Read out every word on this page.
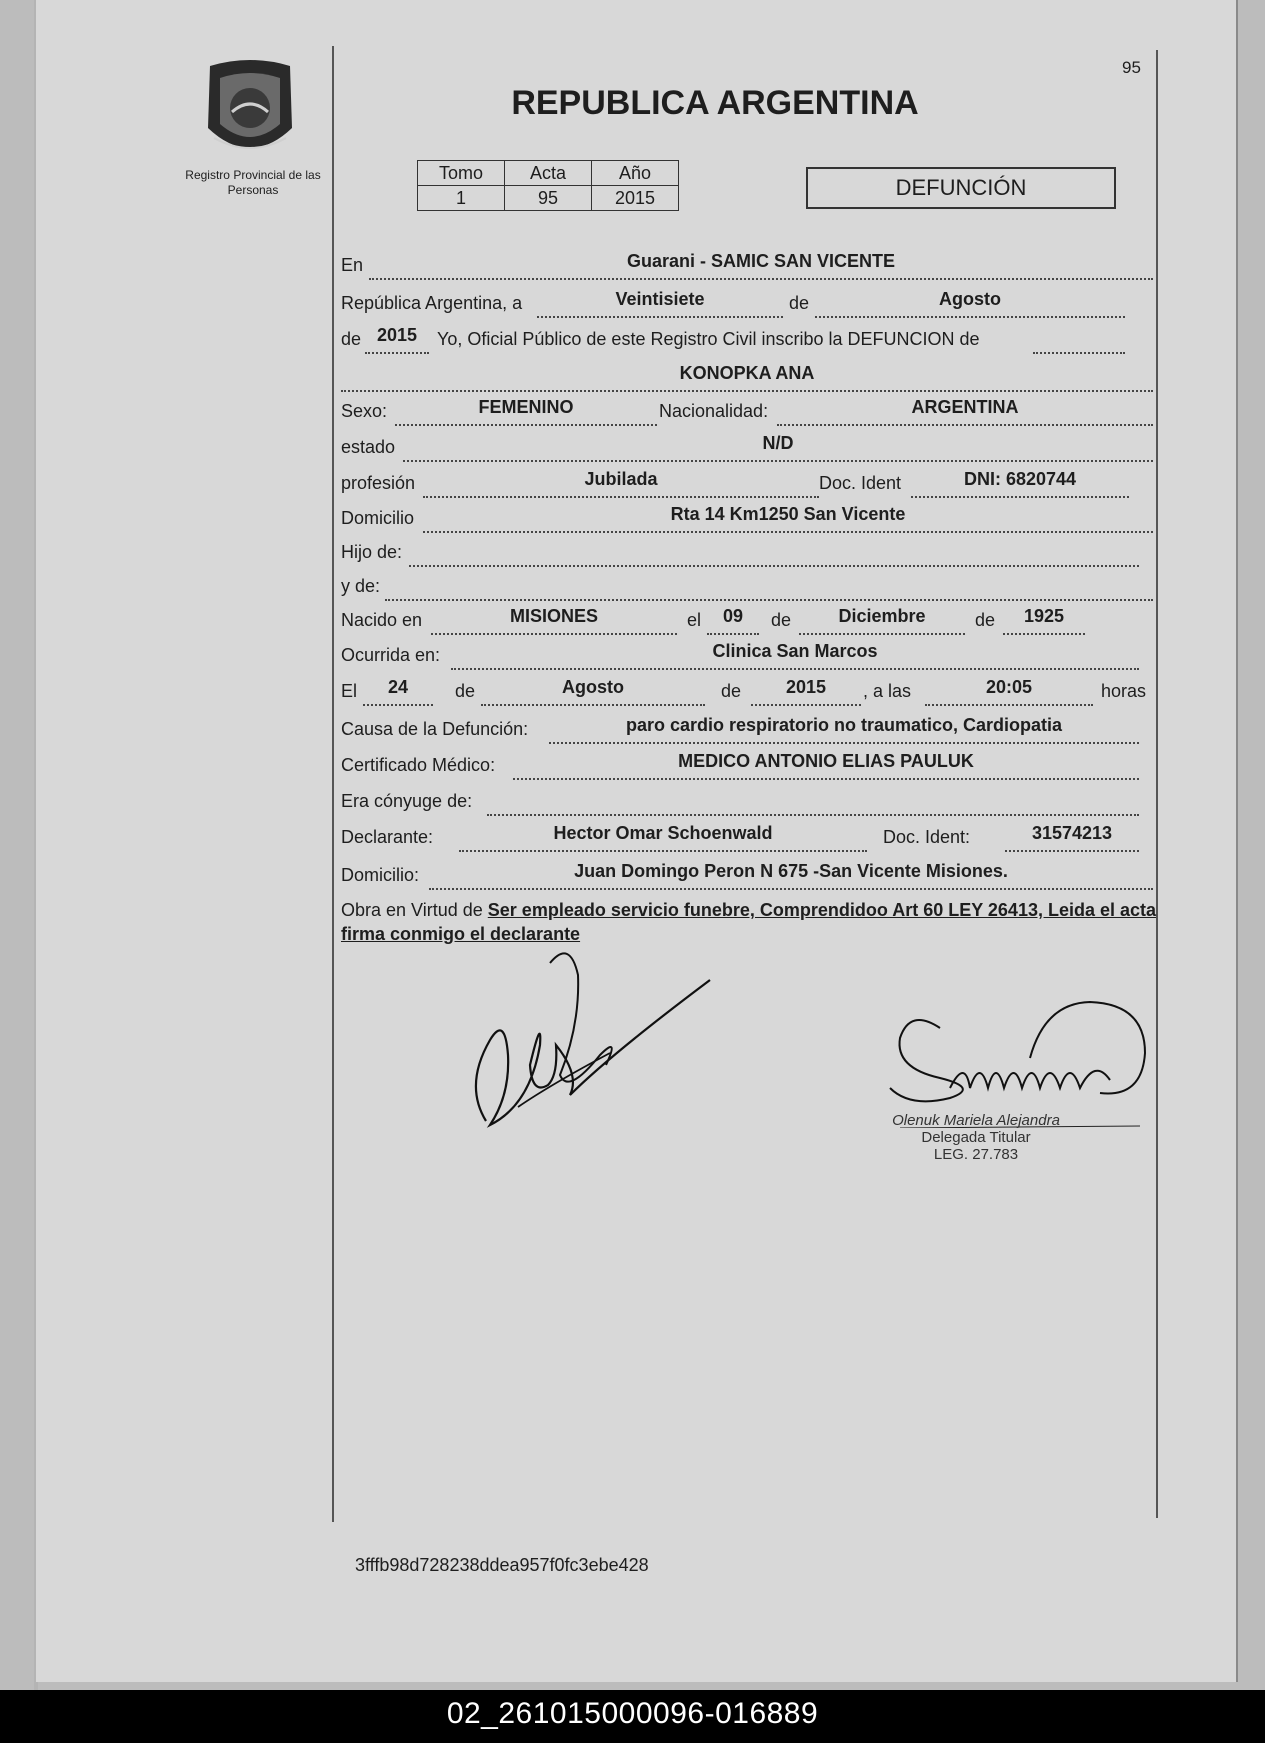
95
Registro Provincial de las Personas
REPUBLICA ARGENTINA
Tomo	Acta	Año
1	95	2015	DEFUNCIÓN
En	Guarani - SAMIC SAN VICENTE
República Argentina, a	Veintisiete	de	Agosto
de 2015	Yo, Oficial Público de este Registro Civil inscribo la DEFUNCION de
KONOPKA ANA
Sexo:	FEMENINO	Nacionalidad:	ARGENTINA
estado	N/D
profesión	Jubilada	Doc. Ident	DNI: 6820744
Domicilio	Rta 14 Km1250 San Vicente
Hijo de:
y de:
Nacido en	MISIONES	el	09	de	Diciembre	de	1925
Ocurrida en:	Clinica San Marcos
El	24	de	Agosto	de	2015	, a las	20:05	horas
Causa de la Defunción:	paro cardio respiratorio no traumatico, Cardiopatia
Certificado Médico:	MEDICO ANTONIO ELIAS PAULUK
Era cónyuge de:
Declarante:	Hector Omar Schoenwald	Doc. Ident:	31574213
Domicilio:	Juan Domingo Peron N 675 -San Vicente Misiones.
Obra en Virtud de Ser empleado servicio funebre, Comprendidoo Art 60 LEY 26413, Leida el acta firma conmigo el declarante
Olenuk Mariela Alejandra
Delegada Titular
LEG. 27.783
3fffb98d728238ddea957f0fc3ebe428
02_261015000096-016889
